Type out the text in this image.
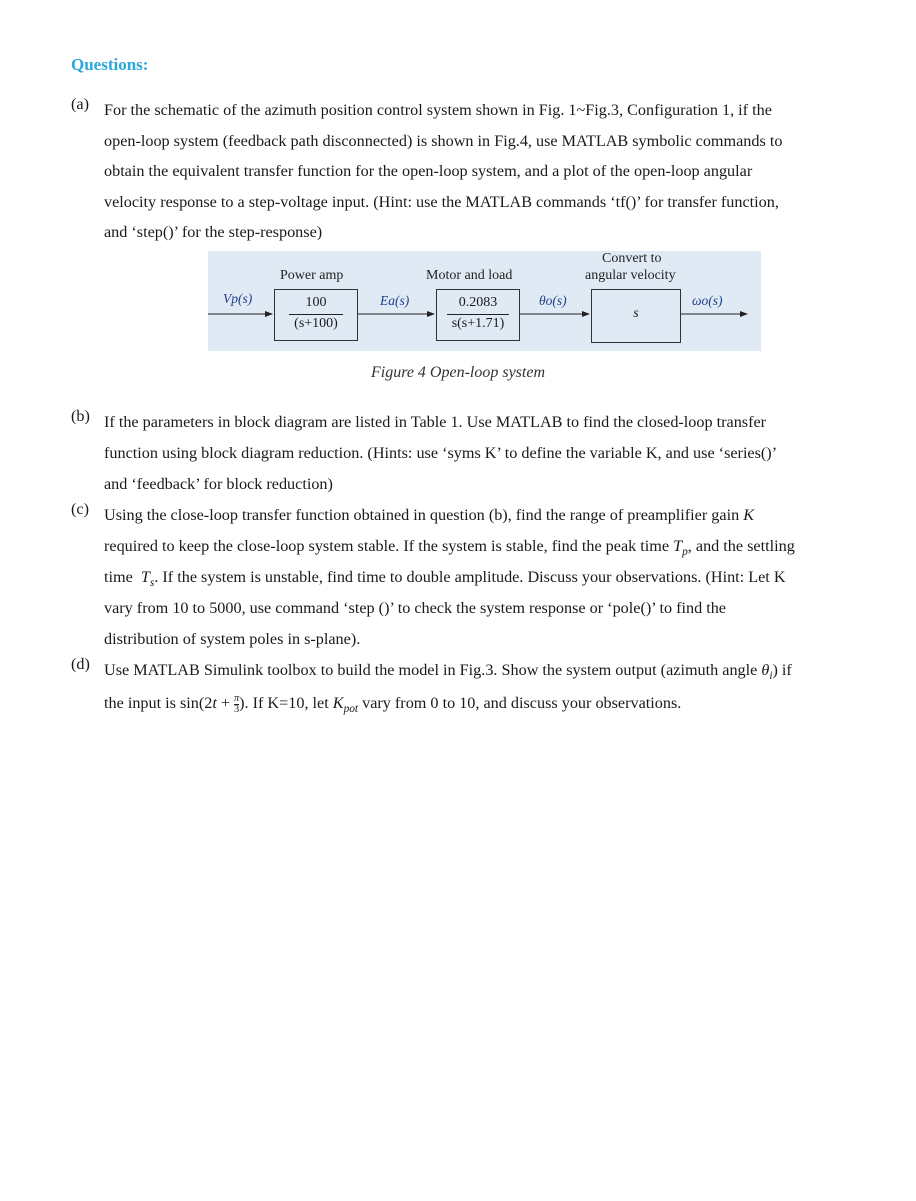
Questions:
(a) For the schematic of the azimuth position control system shown in Fig. 1~Fig.3, Configuration 1, if the
open-loop system (feedback path disconnected) is shown in Fig.4, use MATLAB symbolic commands to
obtain the equivalent transfer function for the open-loop system, and a plot of the open-loop angular
velocity response to a step-voltage input. (Hint: use the MATLAB commands ‘tf()’ for transfer function,
and ‘step()’ for the step-response)
Power amp	Motor and load
Convert to
angular velocity
Vp(s)	Ea(s)	θo(s)	ωo(s)
100
(s+100)
0.2083
s(s+1.71)
s
Figure 4 Open-loop system
(b) If the parameters in block diagram are listed in Table 1. Use MATLAB to find the closed-loop transfer
function using block diagram reduction. (Hints: use ‘syms K’ to define the variable K, and use ‘series()’
and ‘feedback’ for block reduction)
(c) Using the close-loop transfer function obtained in question (b), find the range of preamplifier gain K
required to keep the close-loop system stable. If the system is stable, find the peak time $T_p$, and the settling
time  $T_s$. If the system is unstable, find time to double amplitude. Discuss your observations. (Hint: Let K
vary from 10 to 5000, use command ‘step ()’ to check the system response or ‘pole()’ to find the
distribution of system poles in s-plane).
(d) Use MATLAB Simulink toolbox to build the model in Fig.3. Show the system output (azimuth angle $\theta_i$) if
the input is $\sin(2t + \frac{\pi}{3}$ ). If K=10, let $K_{pot}$ vary from 0 to 10, and discuss your observations.
